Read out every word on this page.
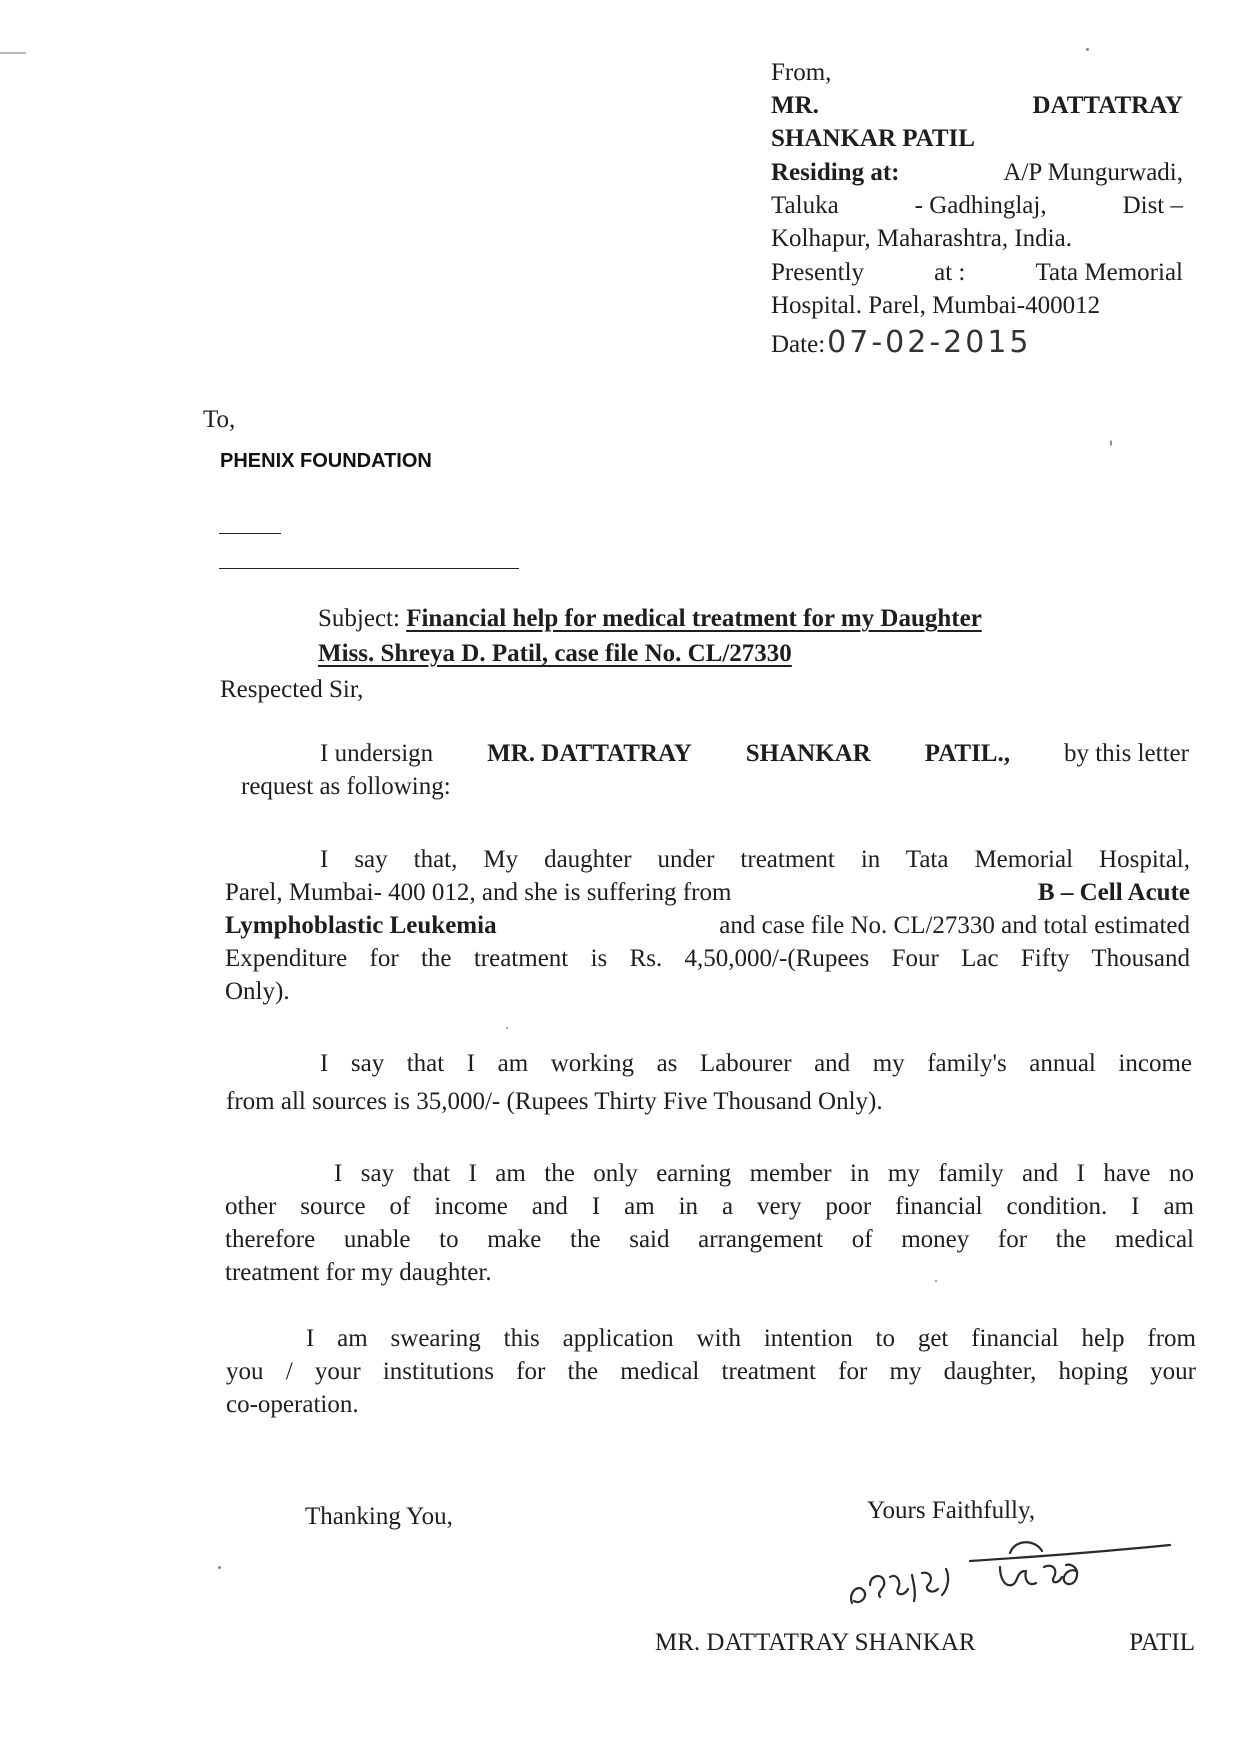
From,
MR.	DATTATRAY
SHANKAR PATIL
Residing at:	A/P Mungurwadi,
Taluka	- Gadhinglaj,	Dist –
Kolhapur, Maharashtra, India.
Presently	at :	Tata Memorial
Hospital. Parel, Mumbai-400012
Date: 07-02-2015
To,
PHENIX FOUNDATION
Subject: Financial help for medical treatment for my Daughter
Miss. Shreya D. Patil, case file No. CL/27330
Respected Sir,
I undersign MR. DATTATRAY SHANKAR PATIL., by this letter
request as following:
I say that, My daughter under treatment in Tata Memorial Hospital,
Parel, Mumbai- 400 012, and she is suffering from	B – Cell Acute
Lymphoblastic Leukemia	and case file No. CL/27330 and total estimated
Expenditure for the treatment is Rs. 4,50,000/-(Rupees Four Lac Fifty Thousand
Only).
I say that I am working as Labourer and my family's annual income
from all sources is 35,000/- (Rupees Thirty Five Thousand Only).
I say that I am the only earning member in my family and I have no
other source of income and I am in a very poor financial condition. I am
therefore unable to make the said arrangement of money for the medical
treatment for my daughter.
I am swearing this application with intention to get financial help from
you / your institutions for the medical treatment for my daughter, hoping your
co-operation.
Thanking You,	Yours Faithfully,
MR. DATTATRAY SHANKAR	PATIL
